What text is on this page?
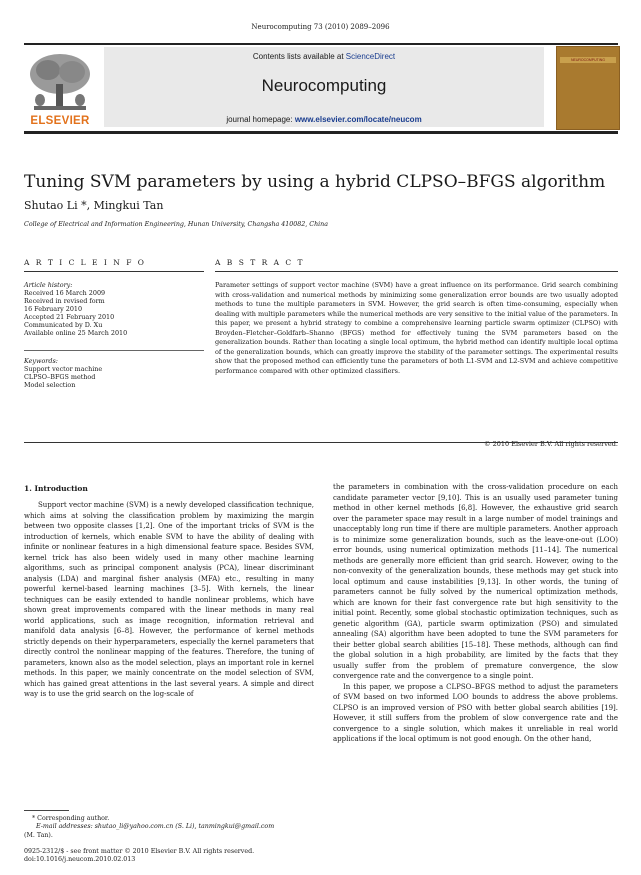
Neurocomputing 73 (2010) 2089–2096
ELSEVIER
Contents lists available at ScienceDirect
Neurocomputing
journal homepage: www.elsevier.com/locate/neucom
NEUROCOMPUTING
Tuning SVM parameters by using a hybrid CLPSO–BFGS algorithm
Shutao Li *, Mingkui Tan
College of Electrical and Information Engineering, Hunan University, Changsha 410082, China
A R T I C L E I N F O	A B S T R A C T
Article history:
Received 16 March 2009
Received in revised form
16 February 2010
Accepted 21 February 2010
Communicated by D. Xu
Available online 25 March 2010
Keywords:
Support vector machine
CLPSO–BFGS method
Model selection
Parameter settings of support vector machine (SVM) have a great influence on its performance. Grid search combining with cross-validation and numerical methods by minimizing some generalization error bounds are two usually adopted methods to tune the multiple parameters in SVM. However, the grid search is often time-consuming, especially when dealing with multiple parameters while the numerical methods are very sensitive to the initial value of the parameters. In this paper, we present a hybrid strategy to combine a comprehensive learning particle swarm optimizer (CLPSO) with Broyden–Fletcher–Goldfarb–Shanno (BFGS) method for effectively tuning the SVM parameters based on the generalization bounds. Rather than locating a single local optimum, the hybrid method can identify multiple local optima of the generalization bounds, which can greatly improve the stability of the parameter settings. The experimental results show that the proposed method can efficiently tune the parameters of both L1-SVM and L2-SVM and achieve competitive performance compared with other optimized classifiers.
© 2010 Elsevier B.V. All rights reserved.
1. Introduction
Support vector machine (SVM) is a newly developed classification technique, which aims at solving the classification problem by maximizing the margin between two opposite classes [1,2]. One of the important tricks of SVM is the introduction of kernels, which enable SVM to have the ability of dealing with infinite or nonlinear features in a high dimensional feature space. Besides SVM, kernel trick has also been widely used in many other machine learning algorithms, such as principal component analysis (PCA), linear discriminant analysis (LDA) and marginal fisher analysis (MFA) etc., resulting in many powerful kernel-based learning machines [3–5]. With kernels, the linear techniques can be easily extended to handle nonlinear problems, which have shown great improvements compared with the linear methods in many real world applications, such as image recognition, information retrieval and manifold data analysis [6–8]. However, the performance of kernel methods strictly depends on their hyperparameters, especially the kernel parameters that directly control the nonlinear mapping of the features. Therefore, the tuning of parameters, known also as the model selection, plays an important role in kernel methods. In this paper, we mainly concentrate on the model selection of SVM, which has gained great attentions in the last several years. A simple and direct way is to use the grid search on the log-scale of

the parameters in combination with the cross-validation procedure on each candidate parameter vector [9,10]. This is an usually used parameter tuning method in other kernel methods [6,8]. However, the exhaustive grid search over the parameter space may result in a large number of model trainings and unacceptably long run time if there are multiple parameters. Another approach is to minimize some generalization bounds, such as the leave-one-out (LOO) error bounds, using numerical optimization methods [11–14]. The numerical methods are generally more efficient than grid search. However, owing to the non-convexity of the generalization bounds, these methods may get stuck into local optimum and cause instabilities [9,13]. In other words, the tuning of parameters cannot be fully solved by the numerical optimization methods, which are known for their fast convergence rate but high sensitivity to the initial point. Recently, some global stochastic optimization techniques, such as genetic algorithm (GA), particle swarm optimization (PSO) and simulated annealing (SA) algorithm have been adopted to tune the SVM parameters for their better global search abilities [15–18]. These methods, although can find the global solution in a high probability, are limited by the facts that they usually suffer from the problem of premature convergence, the slow convergence rate and the convergence to a single point.

In this paper, we propose a CLPSO–BFGS method to adjust the parameters of SVM based on two informed LOO bounds to address the above problems. CLPSO is an improved version of PSO with better global search abilities [19]. However, it still suffers from the problem of slow convergence rate and the convergence to a single solution, which makes it unreliable in real world applications if the local optimum is not good enough. On the other hand,

* Corresponding author.
E-mail addresses: shutao_li@yahoo.com.cn (S. Li), tanmingkui@gmail.com
(M. Tan).
0925-2312/$ - see front matter © 2010 Elsevier B.V. All rights reserved.
doi:10.1016/j.neucom.2010.02.013
